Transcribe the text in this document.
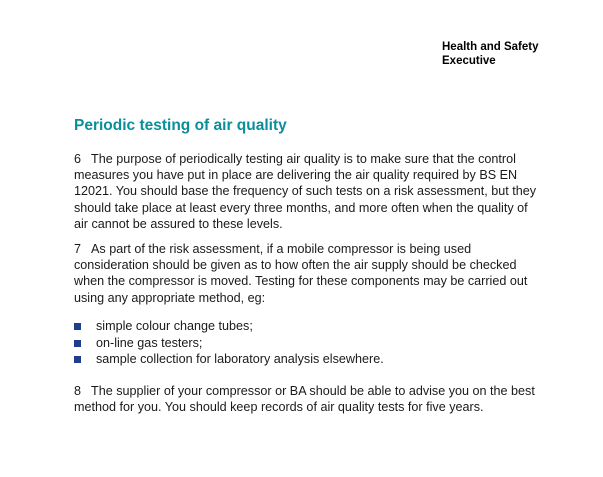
Health and Safety
Executive
Periodic testing of air quality

6 The purpose of periodically testing air quality is to make sure that the control measures you have put in place are delivering the air quality required by BS EN 12021. You should base the frequency of such tests on a risk assessment, but they should take place at least every three months, and more often when the quality of air cannot be assured to these levels.

7 As part of the risk assessment, if a mobile compressor is being used consideration should be given as to how often the air supply should be checked when the compressor is moved. Testing for these components may be carried out using any appropriate method, eg:

simple colour change tubes;
on-line gas testers;
sample collection for laboratory analysis elsewhere.

8 The supplier of your compressor or BA should be able to advise you on the best method for you. You should keep records of air quality tests for five years.
